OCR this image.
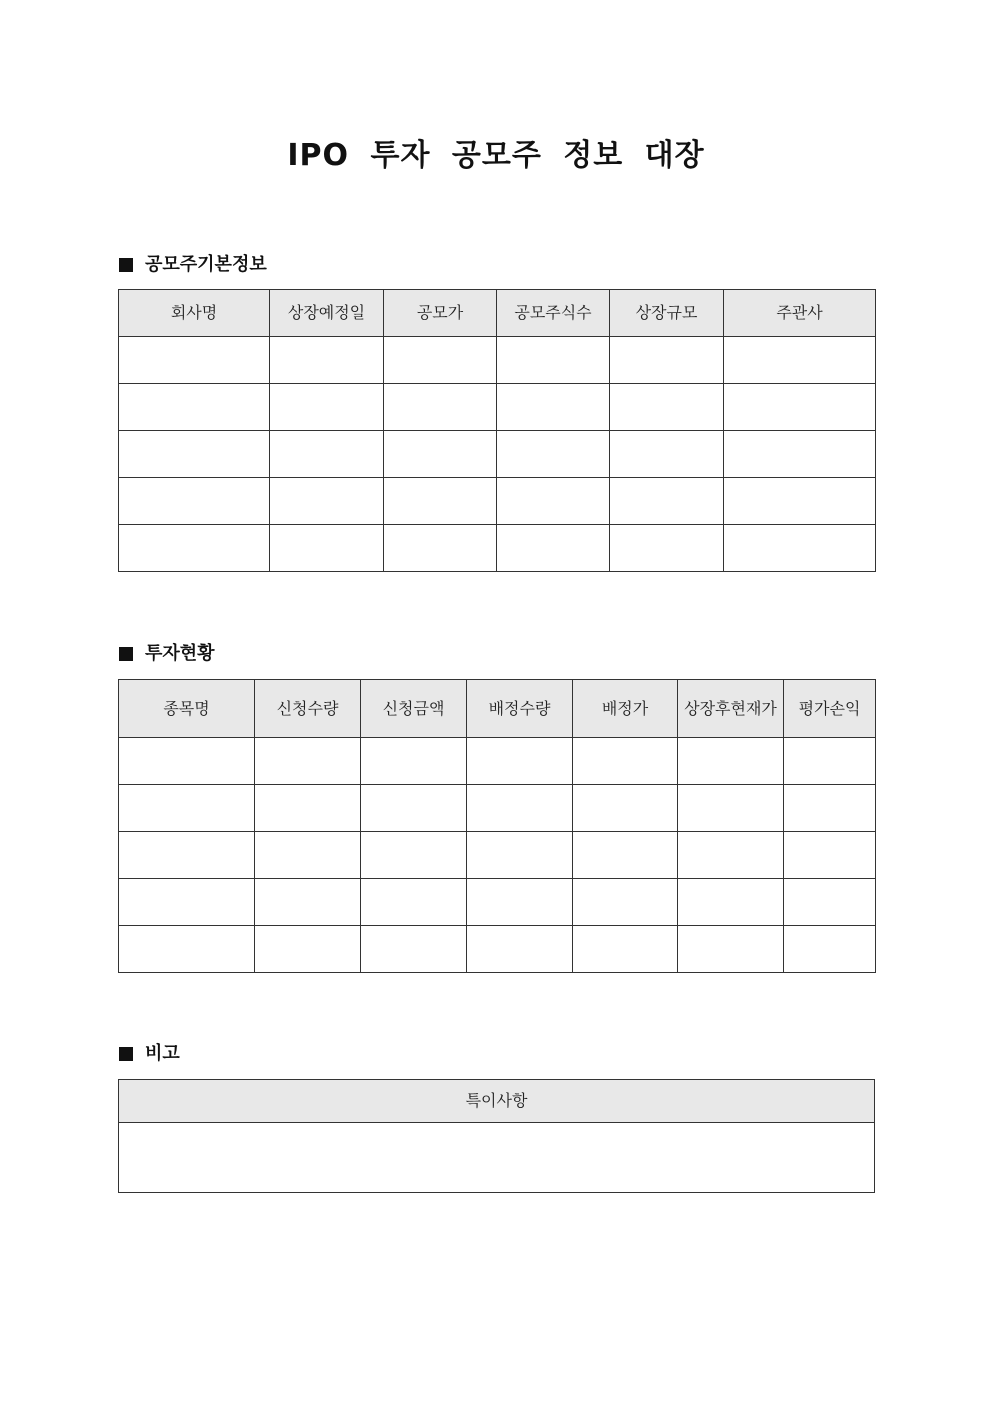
IPO 투자 공모주 정보 대장
공모주기본정보
회사명	상장예정일	공모가	공모주식수	상장규모	주관사

투자현황
종목명	신청수량	신청금액	배정수량	배정가	상장후현재가	평가손익

비고
특이사항
